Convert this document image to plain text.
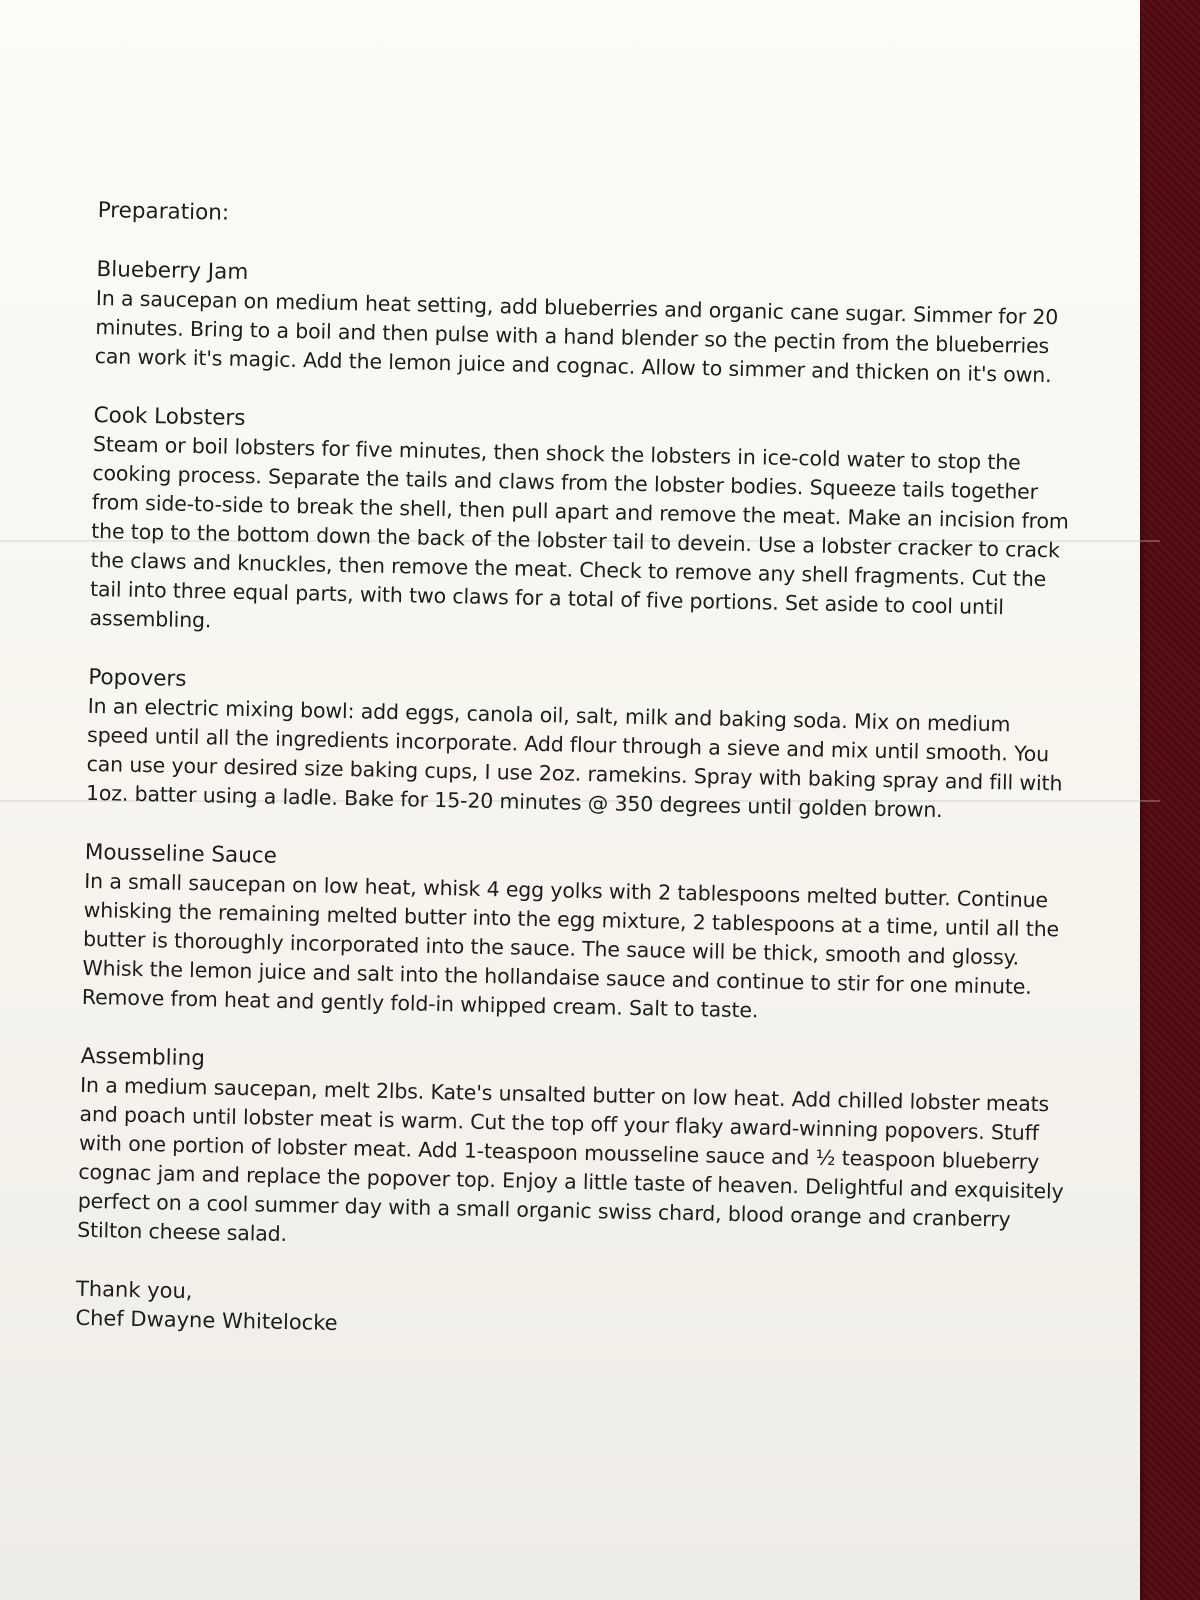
Preparation:
Blueberry Jam

In a saucepan on medium heat setting, add blueberries and organic cane sugar. Simmer for 20 minutes. Bring to a boil and then pulse with a hand blender so the pectin from the blueberries can work it's magic. Add the lemon juice and cognac. Allow to simmer and thicken on it's own.

Cook Lobsters

Steam or boil lobsters for five minutes, then shock the lobsters in ice-cold water to stop the cooking process. Separate the tails and claws from the lobster bodies. Squeeze tails together from side-to-side to break the shell, then pull apart and remove the meat. Make an incision from the top to the bottom down the back of the lobster tail to devein. Use a lobster cracker to crack the claws and knuckles, then remove the meat. Check to remove any shell fragments. Cut the tail into three equal parts, with two claws for a total of five portions. Set aside to cool until assembling.

Popovers

In an electric mixing bowl: add eggs, canola oil, salt, milk and baking soda. Mix on medium speed until all the ingredients incorporate. Add flour through a sieve and mix until smooth. You can use your desired size baking cups, I use 2oz. ramekins. Spray with baking spray and fill with 1oz. batter using a ladle. Bake for 15-20 minutes @ 350 degrees until golden brown.

Mousseline Sauce

In a small saucepan on low heat, whisk 4 egg yolks with 2 tablespoons melted butter. Continue whisking the remaining melted butter into the egg mixture, 2 tablespoons at a time, until all the butter is thoroughly incorporated into the sauce. The sauce will be thick, smooth and glossy. Whisk the lemon juice and salt into the hollandaise sauce and continue to stir for one minute. Remove from heat and gently fold-in whipped cream. Salt to taste.

Assembling

In a medium saucepan, melt 2lbs. Kate's unsalted butter on low heat. Add chilled lobster meats and poach until lobster meat is warm. Cut the top off your flaky award-winning popovers. Stuff with one portion of lobster meat. Add 1-teaspoon mousseline sauce and ½ teaspoon blueberry cognac jam and replace the popover top. Enjoy a little taste of heaven. Delightful and exquisitely perfect on a cool summer day with a small organic swiss chard, blood orange and cranberry Stilton cheese salad.

Thank you,

Chef Dwayne Whitelocke
